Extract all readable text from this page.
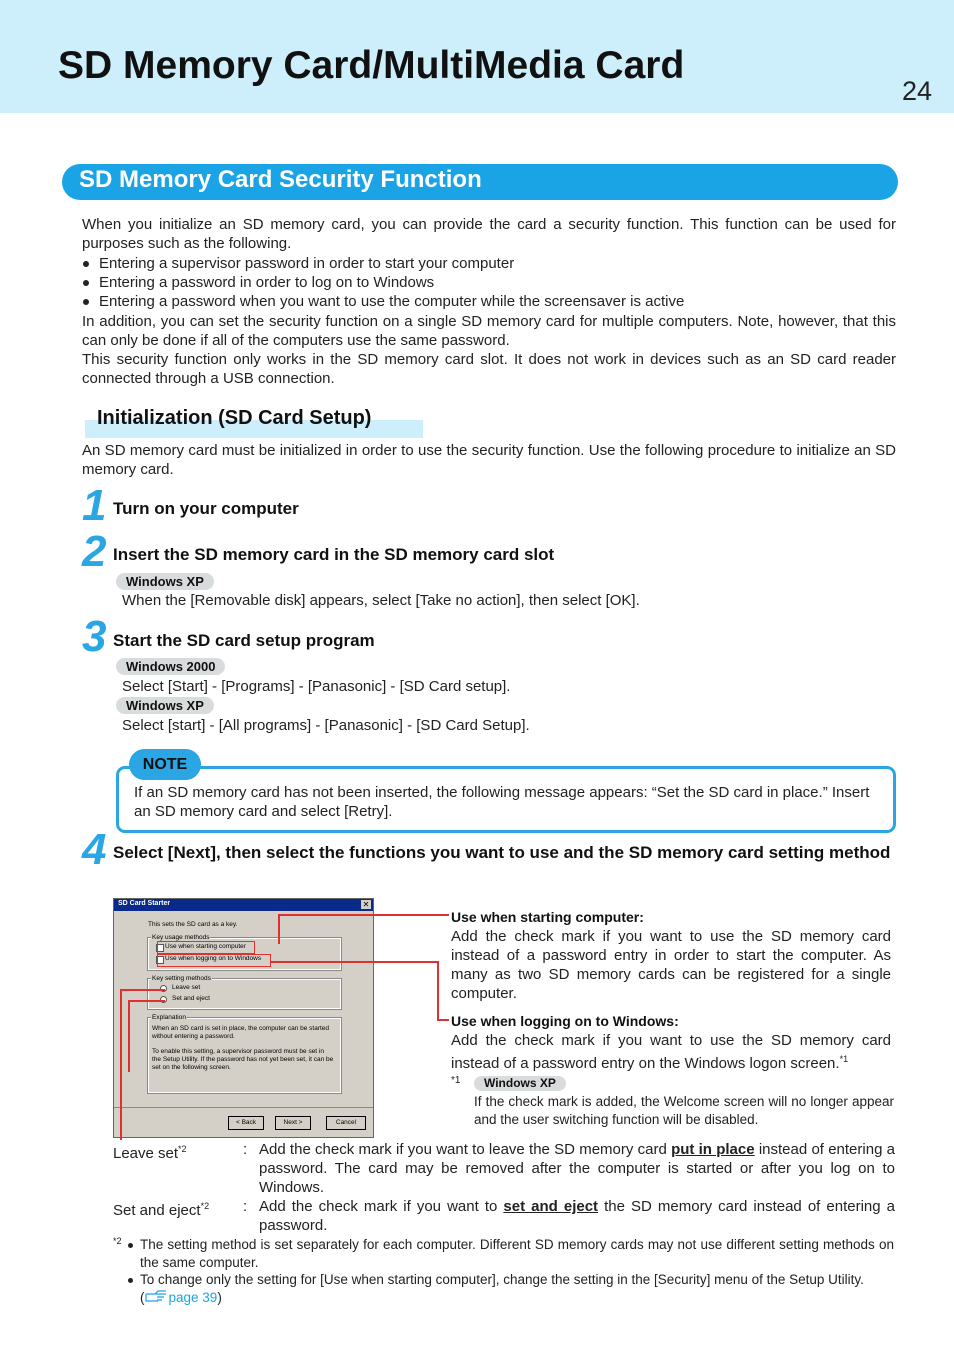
SD Memory Card/MultiMedia Card
24
SD Memory Card Security Function
When you initialize an SD memory card, you can provide the card a security function. This function can be used for purposes such as the following.
Entering a supervisor password in order to start your computer
Entering a password in order to log on to Windows
Entering a password when you want to use the computer while the screensaver is active
In addition, you can set the security function on a single SD memory card for multiple computers. Note, however, that this can only be done if all of the computers use the same password.
This security function only works in the SD memory card slot. It does not work in devices such as an SD card reader connected through a USB connection.
Initialization (SD Card Setup)
An SD memory card must be initialized in order to use the security function. Use the following procedure to initialize an SD memory card.
1 Turn on your computer
2 Insert the SD memory card in the SD memory card slot
Windows XP
When the [Removable disk] appears, select [Take no action], then select [OK].
3 Start the SD card setup program
Windows 2000
Select [Start] - [Programs] - [Panasonic] - [SD Card setup].
Windows XP
Select [start] - [All programs] - [Panasonic] - [SD Card Setup].
NOTE
If an SD memory card has not been inserted, the following message appears: “Set the SD card in place.” Insert an SD memory card and select [Retry].
4 Select [Next], then select the functions you want to use and the SD memory card setting method
SD Card Starter	✕
This sets the SD card as a key.
Key usage methods
Use when starting computer
Use when logging on to Windows
Key setting methods
Leave set
Set and eject
Explanation
When an SD card is set in place, the computer can be started without entering a password.
To enable this setting, a supervisor password must be set in the Setup Utility. If the password has not yet been set, it can be set on the following screen.
< Back	Next >	Cancel
Use when starting computer:
Add the check mark if you want to use the SD memory card instead of a password entry in order to start the computer. As many as two SD memory cards can be registered for a single computer.
Use when logging on to Windows:
Add the check mark if you want to use the SD memory card instead of a password entry on the Windows logon screen.$^{*1}$
*1	Windows XP
If the check mark is added, the Welcome screen will no longer appear and the user switching function will be disabled.
Leave set$^{*2}$	: Add the check mark if you want to leave the SD memory card put in place instead of entering a password. The card may be removed after the computer is started or after you log on to Windows.
Set and eject$^{*2}$ : Add the check mark if you want to set and eject the SD memory card instead of entering a password.
*2 The setting method is set separately for each computer. Different SD memory cards may not use different setting methods on the same computer.
To change only the setting for [Use when starting computer], change the setting in the [Security] menu of the Setup Utility.
( page 39)
